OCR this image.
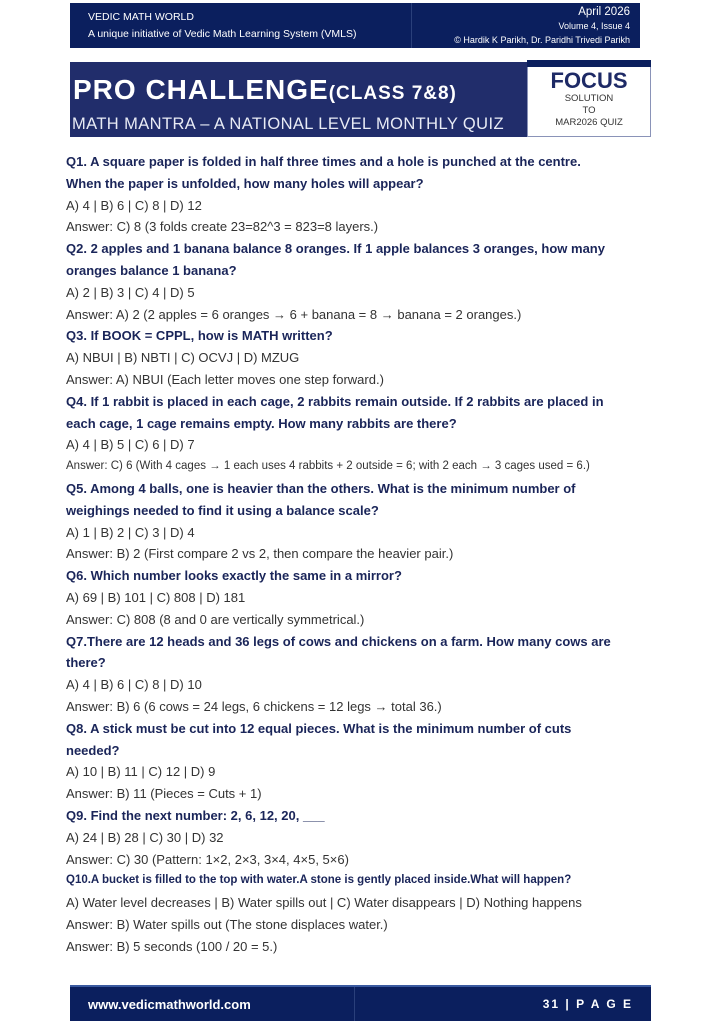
VEDIC MATH WORLD
A unique initiative of Vedic Math Learning System (VMLS)
April 2026
Volume 4, Issue 4
© Hardik K Parikh, Dr. Paridhi Trivedi Parikh
PRO CHALLENGE(CLASS 7&8)
MATH MANTRA – A NATIONAL LEVEL MONTHLY QUIZ
FOCUS
SOLUTION
TO
MAR2026 QUIZ
Q1. A square paper is folded in half three times and a hole is punched at the centre.
When the paper is unfolded, how many holes will appear?
A) 4 | B) 6 | C) 8 | D) 12
Answer: C) 8 (3 folds create 23=82^3 = 823=8 layers.)
Q2. 2 apples and 1 banana balance 8 oranges. If 1 apple balances 3 oranges, how many
oranges balance 1 banana?
A) 2 | B) 3 | C) 4 | D) 5
Answer: A) 2 (2 apples = 6 oranges → 6 + banana = 8 → banana = 2 oranges.)
Q3. If BOOK = CPPL, how is MATH written?
A) NBUI | B) NBTI | C) OCVJ | D) MZUG
Answer: A) NBUI (Each letter moves one step forward.)
Q4. If 1 rabbit is placed in each cage, 2 rabbits remain outside. If 2 rabbits are placed in
each cage, 1 cage remains empty. How many rabbits are there?
A) 4 | B) 5 | C) 6 | D) 7
Answer: C) 6 (With 4 cages → 1 each uses 4 rabbits + 2 outside = 6; with 2 each → 3 cages used = 6.)
Q5. Among 4 balls, one is heavier than the others. What is the minimum number of
weighings needed to find it using a balance scale?
A) 1 | B) 2 | C) 3 | D) 4
Answer: B) 2 (First compare 2 vs 2, then compare the heavier pair.)
Q6. Which number looks exactly the same in a mirror?
A) 69 | B) 101 | C) 808 | D) 181
Answer: C) 808 (8 and 0 are vertically symmetrical.)
Q7.There are 12 heads and 36 legs of cows and chickens on a farm. How many cows are
there?
A) 4 | B) 6 | C) 8 | D) 10
Answer: B) 6 (6 cows = 24 legs, 6 chickens = 12 legs → total 36.)
Q8. A stick must be cut into 12 equal pieces. What is the minimum number of cuts
needed?
A) 10 | B) 11 | C) 12 | D) 9
Answer: B) 11 (Pieces = Cuts + 1)
Q9. Find the next number: 2, 6, 12, 20, ___
A) 24 | B) 28 | C) 30 | D) 32
Answer: C) 30 (Pattern: 1×2, 2×3, 3×4, 4×5, 5×6)
Q10.A bucket is filled to the top with water.A stone is gently placed inside.What will happen?
A) Water level decreases | B) Water spills out | C) Water disappears | D) Nothing happens
Answer: B) Water spills out (The stone displaces water.)
Answer: B) 5 seconds (100 / 20 = 5.)
www.vedicmathworld.com	31 | P A G E
